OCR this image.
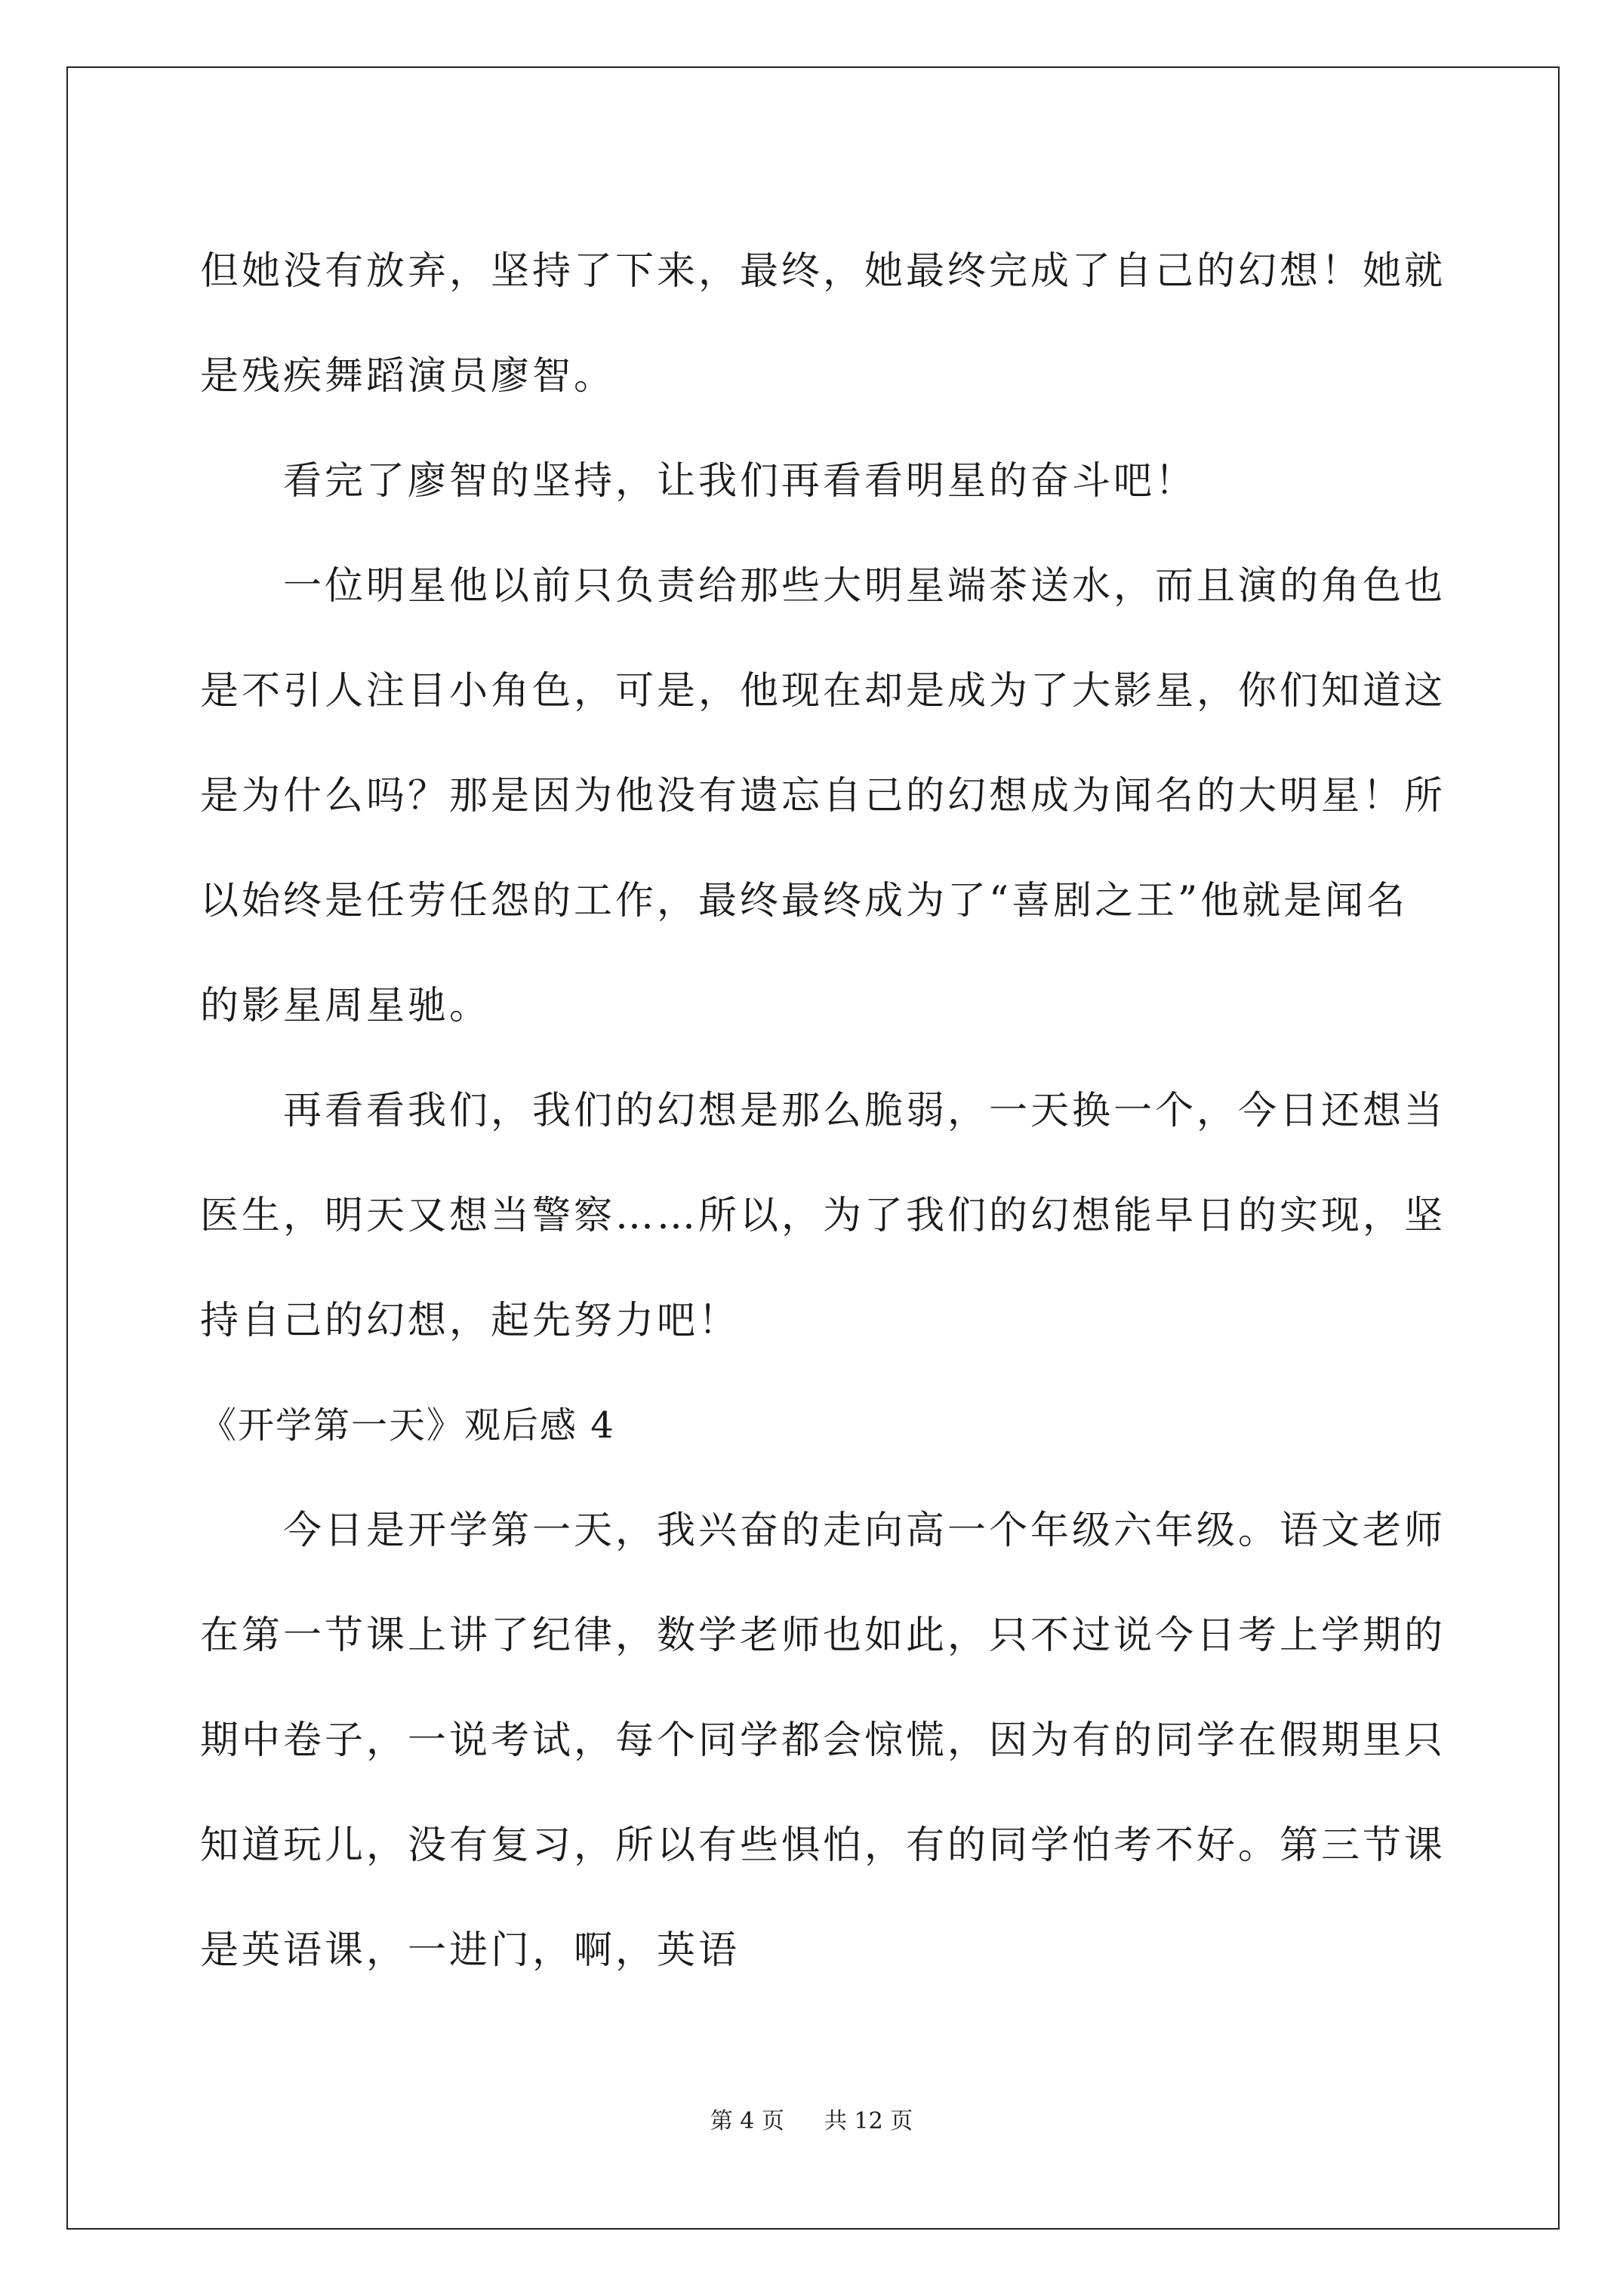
但她没有放弃，坚持了下来，最终，她最终完成了自己的幻想！她就
是残疾舞蹈演员廖智。
看完了廖智的坚持，让我们再看看明星的奋斗吧！
一位明星他以前只负责给那些大明星端茶送水，而且演的角色也
是不引人注目小角色，可是，他现在却是成为了大影星，你们知道这
是为什么吗？那是因为他没有遗忘自己的幻想成为闻名的大明星！所
以始终是任劳任怨的工作，最终最终成为了“喜剧之王”他就是闻名
的影星周星驰。
再看看我们，我们的幻想是那么脆弱，一天换一个，今日还想当
医生，明天又想当警察……所以，为了我们的幻想能早日的实现，坚
持自己的幻想，起先努力吧！
《开学第一天》观后感 4
今日是开学第一天，我兴奋的走向高一个年级六年级。语文老师
在第一节课上讲了纪律，数学老师也如此，只不过说今日考上学期的
期中卷子，一说考试，每个同学都会惊慌，因为有的同学在假期里只
知道玩儿，没有复习，所以有些惧怕，有的同学怕考不好。第三节课
是英语课，一进门，啊，英语
第 4 页 共 12 页
